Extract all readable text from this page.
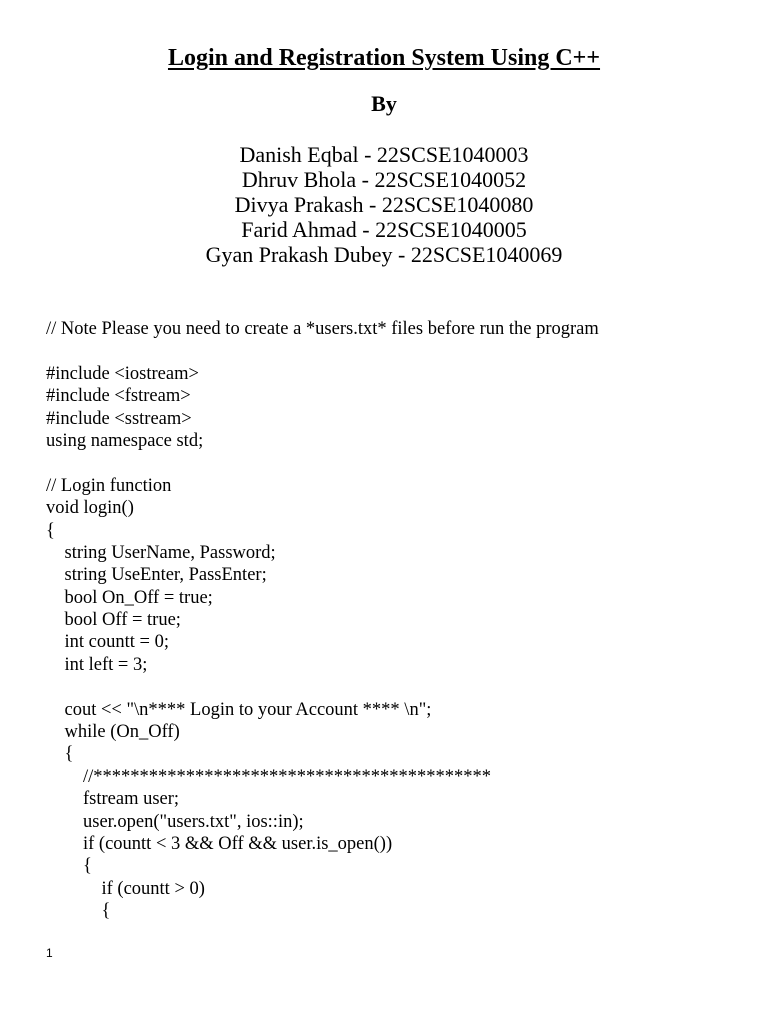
Login and Registration System Using C++
By
Danish Eqbal - 22SCSE1040003
Dhruv Bhola - 22SCSE1040052
Divya Prakash - 22SCSE1040080
Farid Ahmad - 22SCSE1040005
Gyan Prakash Dubey - 22SCSE1040069
// Note Please you need to create a *users.txt* files before run the program
#include <iostream>
#include <fstream>
#include <sstream>
using namespace std;
// Login function
void login()
{
string UserName, Password;
string UseEnter, PassEnter;
bool On_Off = true;
bool Off = true;
int countt = 0;
int left = 3;
cout << "\n**** Login to your Account **** \n";
while (On_Off)
{
//*******************************************
fstream user;
user.open("users.txt", ios::in);
if (countt < 3 && Off && user.is_open())
{
if (countt > 0)
{
1
